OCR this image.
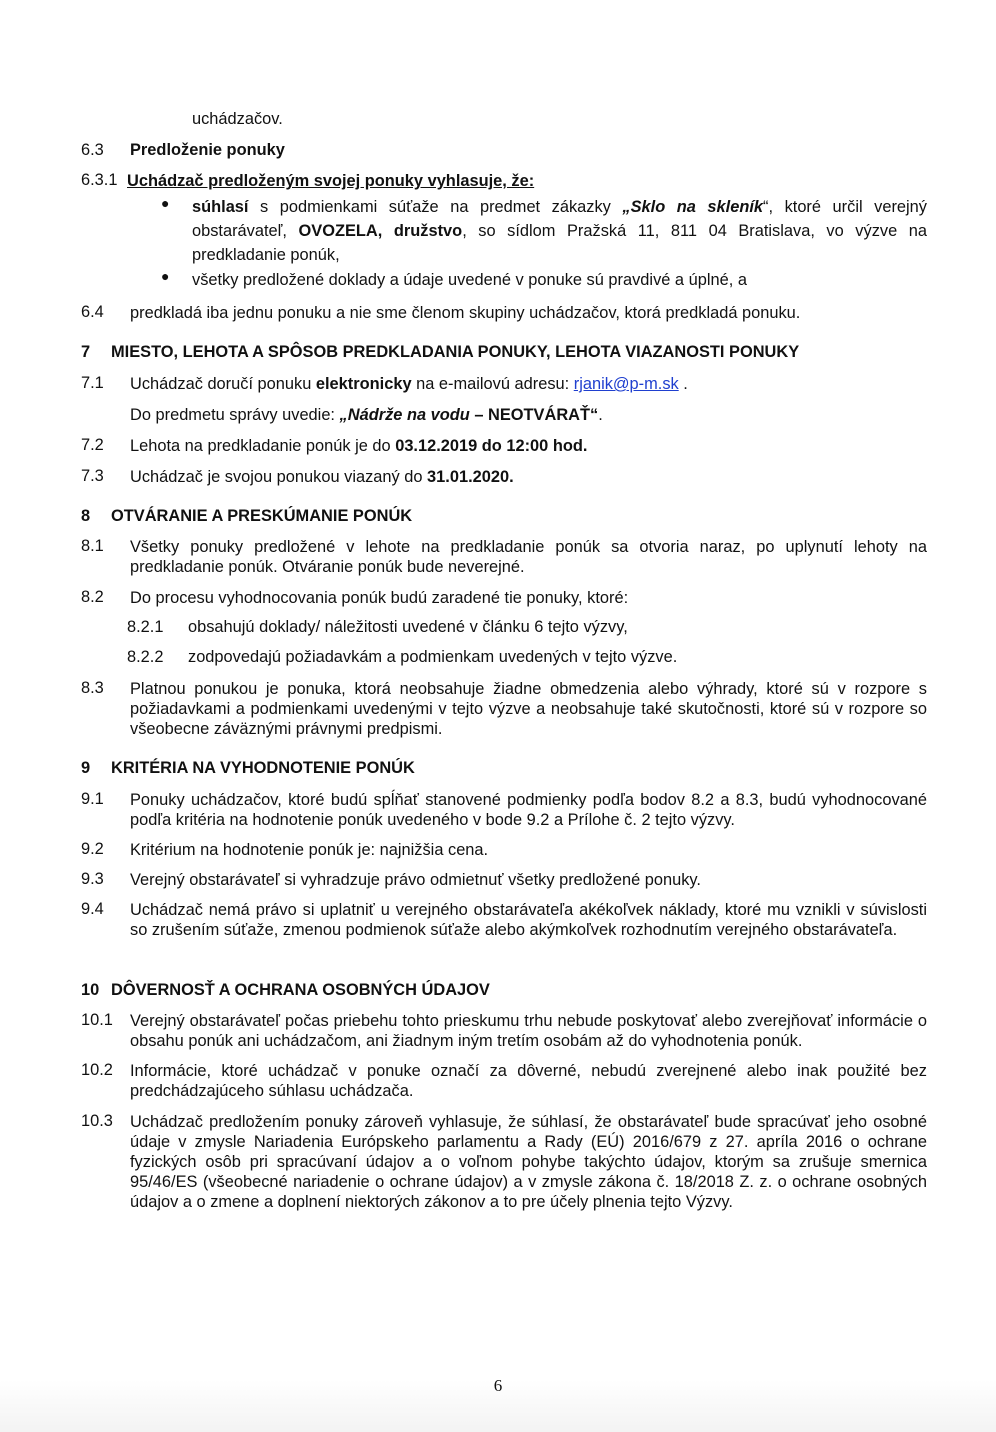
uchádzačov.
6.3 Predloženie ponuky
6.3.1 Uchádzač predloženým svojej ponuky vyhlasuje, že:
● súhlasí s podmienkami súťaže na predmet zákazky „Sklo na skleník“, ktoré určil verejný obstarávateľ, OVOZELA, družstvo, so sídlom Pražská 11, 811 04 Bratislava, vo výzve na predkladanie ponúk,
● všetky predložené doklady a údaje uvedené v ponuke sú pravdivé a úplné, a
6.4 predkladá iba jednu ponuku a nie sme členom skupiny uchádzačov, ktorá predkladá ponuku.
7 MIESTO, LEHOTA A SPÔSOB PREDKLADANIA PONUKY, LEHOTA VIAZANOSTI PONUKY
7.1 Uchádzač doručí ponuku elektronicky na e-mailovú adresu: rjanik@p-m.sk .
Do predmetu správy uvedie: „Nádrže na vodu – NEOTVÁRAŤ“.
7.2 Lehota na predkladanie ponúk je do 03.12.2019 do 12:00 hod.
7.3 Uchádzač je svojou ponukou viazaný do 31.01.2020.
8 OTVÁRANIE A PRESKÚMANIE PONÚK
8.1 Všetky ponuky predložené v lehote na predkladanie ponúk sa otvoria naraz, po uplynutí lehoty na predkladanie ponúk. Otváranie ponúk bude neverejné.
8.2 Do procesu vyhodnocovania ponúk budú zaradené tie ponuky, ktoré:
8.2.1 obsahujú doklady/ náležitosti uvedené v článku 6 tejto výzvy,
8.2.2 zodpovedajú požiadavkám a podmienkam uvedených v tejto výzve.
8.3 Platnou ponukou je ponuka, ktorá neobsahuje žiadne obmedzenia alebo výhrady, ktoré sú v rozpore s požiadavkami a podmienkami uvedenými v tejto výzve a neobsahuje také skutočnosti, ktoré sú v rozpore so všeobecne záväznými právnymi predpismi.
9 KRITÉRIA NA VYHODNOTENIE PONÚK
9.1 Ponuky uchádzačov, ktoré budú spĺňať stanovené podmienky podľa bodov 8.2 a 8.3, budú vyhodnocované podľa kritéria na hodnotenie ponúk uvedeného v bode 9.2 a Prílohe č. 2 tejto výzvy.
9.2 Kritérium na hodnotenie ponúk je: najnižšia cena.
9.3 Verejný obstarávateľ si vyhradzuje právo odmietnuť všetky predložené ponuky.
9.4 Uchádzač nemá právo si uplatniť u verejného obstarávateľa akékoľvek náklady, ktoré mu vznikli v súvislosti so zrušením súťaže, zmenou podmienok súťaže alebo akýmkoľvek rozhodnutím verejného obstarávateľa.
10 DÔVERNOSŤ A OCHRANA OSOBNÝCH ÚDAJOV
10.1 Verejný obstarávateľ počas priebehu tohto prieskumu trhu nebude poskytovať alebo zverejňovať informácie o obsahu ponúk ani uchádzačom, ani žiadnym iným tretím osobám až do vyhodnotenia ponúk.
10.2 Informácie, ktoré uchádzač v ponuke označí za dôverné, nebudú zverejnené alebo inak použité bez predchádzajúceho súhlasu uchádzača.
10.3 Uchádzač predložením ponuky zároveň vyhlasuje, že súhlasí, že obstarávateľ bude spracúvať jeho osobné údaje v zmysle Nariadenia Európskeho parlamentu a Rady (EÚ) 2016/679 z 27. apríla 2016 o ochrane fyzických osôb pri spracúvaní údajov a o voľnom pohybe takýchto údajov, ktorým sa zrušuje smernica 95/46/ES (všeobecné nariadenie o ochrane údajov) a v zmysle zákona č. 18/2018 Z. z. o ochrane osobných údajov a o zmene a doplnení niektorých zákonov a to pre účely plnenia tejto Výzvy.
6
